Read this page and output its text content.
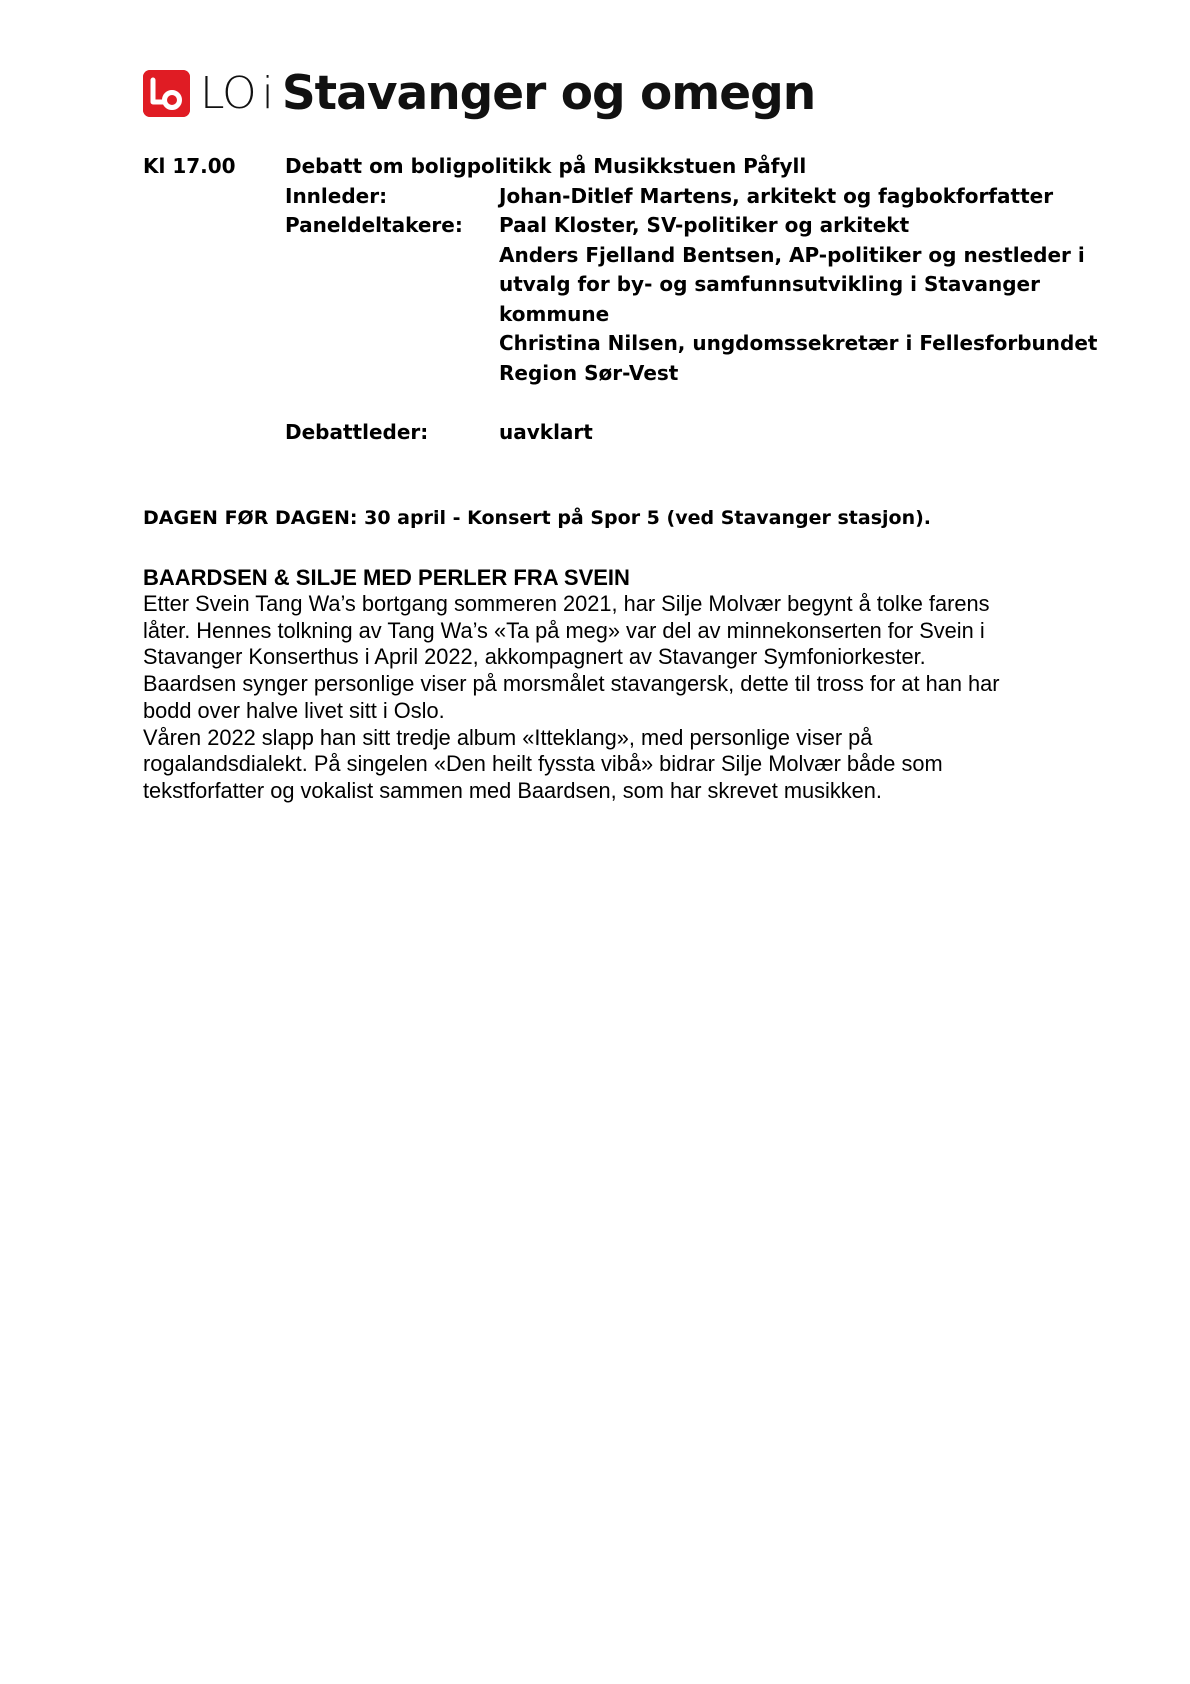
LO i Stavanger og omegn
Kl 17.00 Debatt om boligpolitikk på Musikkstuen Påfyll
Innleder:	Johan-Ditlef Martens, arkitekt og fagbokforfatter
Paneldeltakere: Paal Kloster, SV-politiker og arkitekt
Anders Fjelland Bentsen, AP-politiker og nestleder i
utvalg for by- og samfunnsutvikling i Stavanger
kommune
Christina Nilsen, ungdomssekretær i Fellesforbundet
Region Sør-Vest
Debattleder:	uavklart
DAGEN FØR DAGEN: 30 april - Konsert på Spor 5 (ved Stavanger stasjon).
BAARDSEN & SILJE MED PERLER FRA SVEIN
Etter Svein Tang Wa’s bortgang sommeren 2021, har Silje Molvær begynt å tolke farens
låter. Hennes tolkning av Tang Wa’s «Ta på meg» var del av minnekonserten for Svein i
Stavanger Konserthus i April 2022, akkompagnert av Stavanger Symfoniorkester.
Baardsen synger personlige viser på morsmålet stavangersk, dette til tross for at han har
bodd over halve livet sitt i Oslo.
Våren 2022 slapp han sitt tredje album «Itteklang», med personlige viser på
rogalandsdialekt. På singelen «Den heilt fyssta vibå» bidrar Silje Molvær både som
tekstforfatter og vokalist sammen med Baardsen, som har skrevet musikken.
